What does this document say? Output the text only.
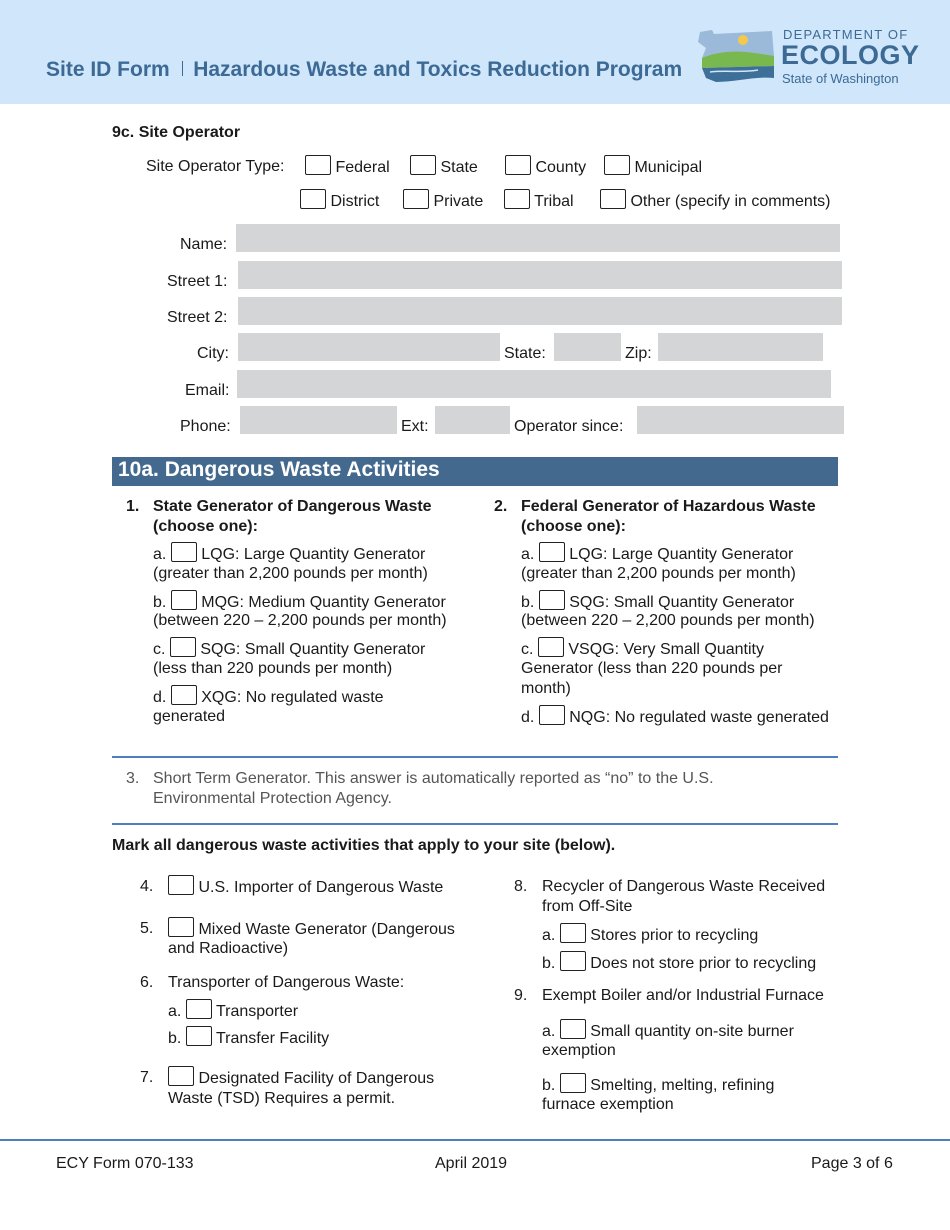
Site ID Form Hazardous Waste and Toxics Reduction Program
DEPARTMENT OF
ECOLOGY
State of Washington
9c. Site Operator
Site Operator Type:	Federal	State	County	Municipal
District	Private	Tribal	Other (specify in comments)
Name:
Street 1:
Street 2:
City:	State:	Zip:
Email:
Phone:	Ext:	Operator since:
10a. Dangerous Waste Activities
1. State Generator of Dangerous Waste
(choose one):
a. LQG: Large Quantity Generator
(greater than 2,200 pounds per month)
b. MQG: Medium Quantity Generator
(between 220 – 2,200 pounds per month)
c. SQG: Small Quantity Generator
(less than 220 pounds per month)
d. XQG: No regulated waste
generated
2. Federal Generator of Hazardous Waste
(choose one):
a. LQG: Large Quantity Generator
(greater than 2,200 pounds per month)
b. SQG: Small Quantity Generator
(between 220 – 2,200 pounds per month)
c. VSQG: Very Small Quantity
Generator (less than 220 pounds per
month)
d. NQG: No regulated waste generated
3. Short Term Generator. This answer is automatically reported as “no” to the U.S.
Environmental Protection Agency.
Mark all dangerous waste activities that apply to your site (below).
4.	U.S. Importer of Dangerous Waste
5.	Mixed Waste Generator (Dangerous
and Radioactive)
6. Transporter of Dangerous Waste:
a. Transporter
b. Transfer Facility
7.	Designated Facility of Dangerous
Waste (TSD) Requires a permit.
8. Recycler of Dangerous Waste Received
from Off-Site
a. Stores prior to recycling
b. Does not store prior to recycling
9. Exempt Boiler and/or Industrial Furnace
a. Small quantity on-site burner
exemption
b. Smelting, melting, refining
furnace exemption
ECY Form 070-133	April 2019	Page 3 of 6
